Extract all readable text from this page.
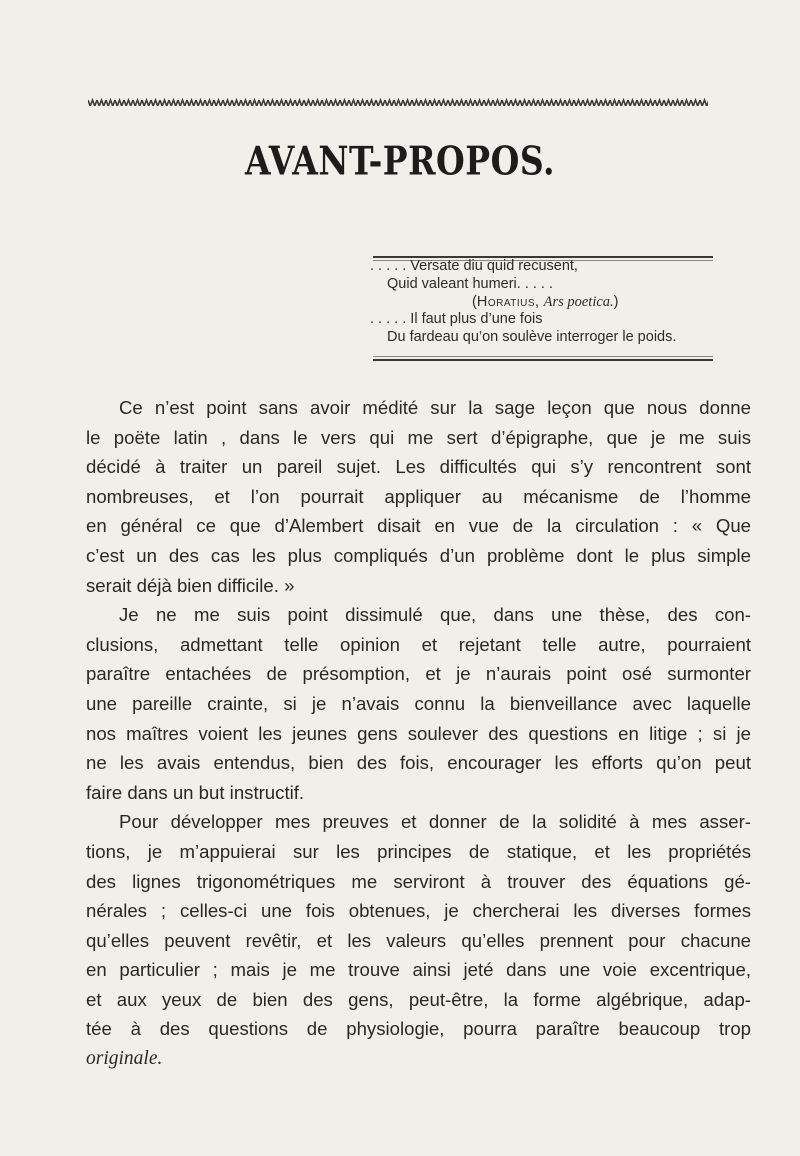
AVANT-PROPOS.
. . . . . Versate diu quid recusent,
Quid valeant humeri. . . . .
(Horatius, Ars poetica.)
. . . . . Il faut plus d’une fois
Du fardeau qu’on soulève interroger le poids.
Ce n’est point sans avoir médité sur la sage leçon que nous donne
le poëte latin , dans le vers qui me sert d’épigraphe, que je me suis
décidé à traiter un pareil sujet. Les difficultés qui s’y rencontrent sont
nombreuses, et l’on pourrait appliquer au mécanisme de l’homme
en général ce que d’Alembert disait en vue de la circulation : « Que
c’est un des cas les plus compliqués d’un problème dont le plus simple
serait déjà bien difficile. »
Je ne me suis point dissimulé que, dans une thèse, des con-
clusions, admettant telle opinion et rejetant telle autre, pourraient
paraître entachées de présomption, et je n’aurais point osé surmonter
une pareille crainte, si je n’avais connu la bienveillance avec laquelle
nos maîtres voient les jeunes gens soulever des questions en litige ; si je
ne les avais entendus, bien des fois, encourager les efforts qu’on peut
faire dans un but instructif.
Pour développer mes preuves et donner de la solidité à mes asser-
tions, je m’appuierai sur les principes de statique, et les propriétés
des lignes trigonométriques me serviront à trouver des équations gé-
nérales ; celles-ci une fois obtenues, je chercherai les diverses formes
qu’elles peuvent revêtir, et les valeurs qu’elles prennent pour chacune
en particulier ; mais je me trouve ainsi jeté dans une voie excentrique,
et aux yeux de bien des gens, peut-être, la forme algébrique, adap-
tée à des questions de physiologie, pourra paraître beaucoup trop
originale.
